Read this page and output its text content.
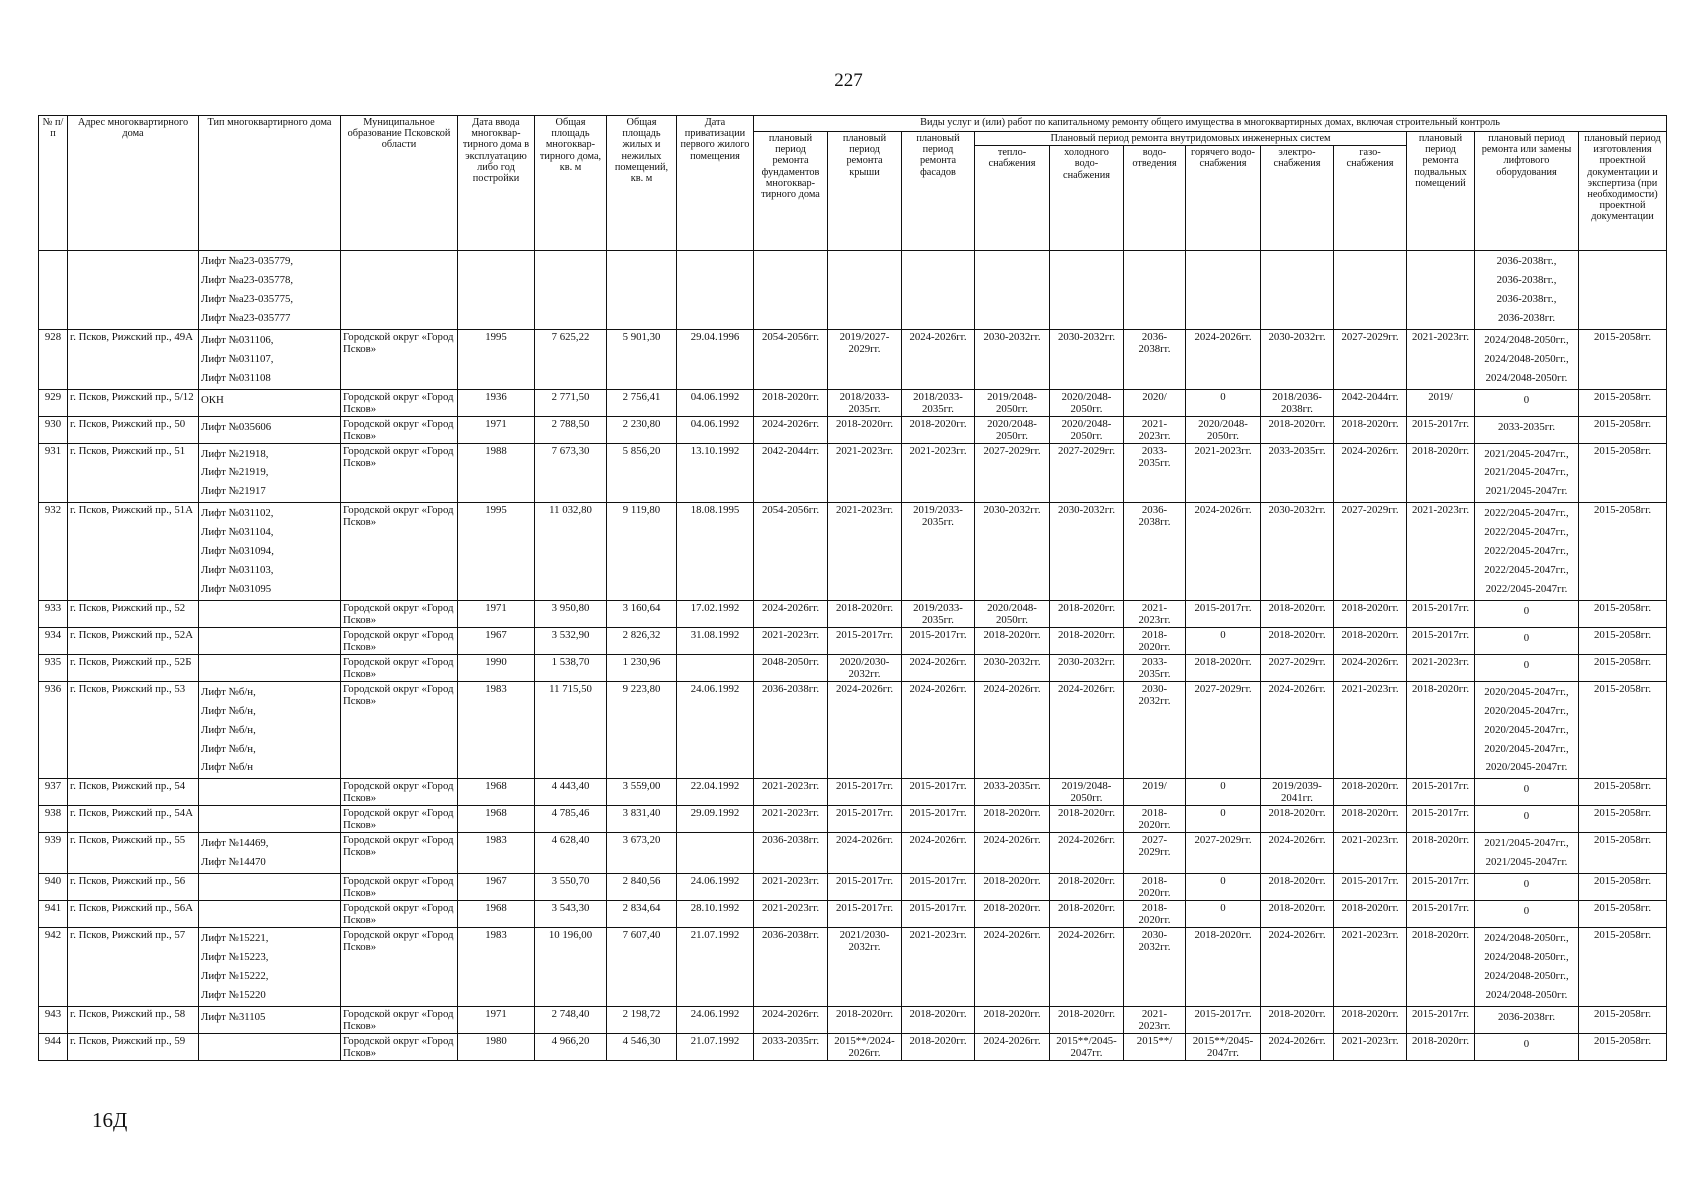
227
№ п/п	Адрес многоквартирного дома	Тип многоквартирного дома	Муниципальное образование Псковской области	Дата ввода многоквар-тирного дома в эксплуатацию либо год постройки	Общая площадь многоквар-тирного дома, кв. м	Общая площадь жилых и нежилых помещений, кв. м	Дата приватизации первого жилого помещения	Виды услуг и (или) работ по капитальному ремонту общего имущества в многоквартирных домах, включая строительный контроль											
								плановый период ремонта фундаментов многоквар-тирного дома	плановый период ремонта крыши	плановый период ремонта фасадов	Плановый период ремонта внутридомовых инженерных систем						плановый период ремонта подвальных помещений	плановый период ремонта или замены лифтового оборудования	плановый период изготовления проектной документации и экспертиза (при необходимости) проектной документации
											тепло-снабжения	холодного водо-снабжения	водо-отведения	горячего водо-снабжения	электро-снабжения	газо-снабжения			

		Лифт №а23-035779,
Лифт №а23-035778,
Лифт №а23-035775,
Лифт №а23-035777																2036-2038гг.,
2036-2038гг.,
2036-2038гг.,
2036-2038гг.	

928	г. Псков, Рижский пр., 49А	Лифт №031106,
Лифт №031107,
Лифт №031108	Городской округ «Город Псков»	1995	7 625,22	5 901,30	29.04.1996	2054-2056гг.	2019/2027-2029гг.	2024-2026гг.	2030-2032гг.	2030-2032гг.	2036-2038гг.	2024-2026гг.	2030-2032гг.	2027-2029гг.	2021-2023гг.	2024/2048-2050гг.,
2024/2048-2050гг.,
2024/2048-2050гг.	2015-2058гг.
929	г. Псков, Рижский пр., 5/12	ОКН	Городской округ «Город Псков»	1936	2 771,50	2 756,41	04.06.1992	2018-2020гг.	2018/2033-2035гг.	2018/2033-2035гг.	2019/2048-2050гг.	2020/2048-2050гг.	2020/	0	2018/2036-2038гг.	2042-2044гг.	2019/	0	2015-2058гг.
930	г. Псков, Рижский пр., 50	Лифт №035606	Городской округ «Город Псков»	1971	2 788,50	2 230,80	04.06.1992	2024-2026гг.	2018-2020гг.	2018-2020гг.	2020/2048-2050гг.	2020/2048-2050гг.	2021-2023гг.	2020/2048-2050гг.	2018-2020гг.	2018-2020гг.	2015-2017гг.	2033-2035гг.	2015-2058гг.
931	г. Псков, Рижский пр., 51	Лифт №21918,
Лифт №21919,
Лифт №21917	Городской округ «Город Псков»	1988	7 673,30	5 856,20	13.10.1992	2042-2044гг.	2021-2023гг.	2021-2023гг.	2027-2029гг.	2027-2029гг.	2033-2035гг.	2021-2023гг.	2033-2035гг.	2024-2026гг.	2018-2020гг.	2021/2045-2047гг.,
2021/2045-2047гг.,
2021/2045-2047гг.	2015-2058гг.
932	г. Псков, Рижский пр., 51А	Лифт №031102,
Лифт №031104,
Лифт №031094,
Лифт №031103,
Лифт №031095	Городской округ «Город Псков»	1995	11 032,80	9 119,80	18.08.1995	2054-2056гг.	2021-2023гг.	2019/2033-2035гг.	2030-2032гг.	2030-2032гг.	2036-2038гг.	2024-2026гг.	2030-2032гг.	2027-2029гг.	2021-2023гг.	2022/2045-2047гг.,
2022/2045-2047гг.,
2022/2045-2047гг.,
2022/2045-2047гг.,
2022/2045-2047гг.	2015-2058гг.
933	г. Псков, Рижский пр., 52		Городской округ «Город Псков»	1971	3 950,80	3 160,64	17.02.1992	2024-2026гг.	2018-2020гг.	2019/2033-2035гг.	2020/2048-2050гг.	2018-2020гг.	2021-2023гг.	2015-2017гг.	2018-2020гг.	2018-2020гг.	2015-2017гг.	0	2015-2058гг.
934	г. Псков, Рижский пр., 52А		Городской округ «Город Псков»	1967	3 532,90	2 826,32	31.08.1992	2021-2023гг.	2015-2017гг.	2015-2017гг.	2018-2020гг.	2018-2020гг.	2018-2020гг.	0	2018-2020гг.	2018-2020гг.	2015-2017гг.	0	2015-2058гг.
935	г. Псков, Рижский пр., 52Б		Городской округ «Город Псков»	1990	1 538,70	1 230,96		2048-2050гг.	2020/2030-2032гг.	2024-2026гг.	2030-2032гг.	2030-2032гг.	2033-2035гг.	2018-2020гг.	2027-2029гг.	2024-2026гг.	2021-2023гг.	0	2015-2058гг.
936	г. Псков, Рижский пр., 53	Лифт №б/н,
Лифт №б/н,
Лифт №б/н,
Лифт №б/н,
Лифт №б/н	Городской округ «Город Псков»	1983	11 715,50	9 223,80	24.06.1992	2036-2038гг.	2024-2026гг.	2024-2026гг.	2024-2026гг.	2024-2026гг.	2030-2032гг.	2027-2029гг.	2024-2026гг.	2021-2023гг.	2018-2020гг.	2020/2045-2047гг.,
2020/2045-2047гг.,
2020/2045-2047гг.,
2020/2045-2047гг.,
2020/2045-2047гг.	2015-2058гг.
937	г. Псков, Рижский пр., 54		Городской округ «Город Псков»	1968	4 443,40	3 559,00	22.04.1992	2021-2023гг.	2015-2017гг.	2015-2017гг.	2033-2035гг.	2019/2048-2050гг.	2019/	0	2019/2039-2041гг.	2018-2020гг.	2015-2017гг.	0	2015-2058гг.
938	г. Псков, Рижский пр., 54А		Городской округ «Город Псков»	1968	4 785,46	3 831,40	29.09.1992	2021-2023гг.	2015-2017гг.	2015-2017гг.	2018-2020гг.	2018-2020гг.	2018-2020гг.	0	2018-2020гг.	2018-2020гг.	2015-2017гг.	0	2015-2058гг.
939	г. Псков, Рижский пр., 55	Лифт №14469,
Лифт №14470	Городской округ «Город Псков»	1983	4 628,40	3 673,20		2036-2038гг.	2024-2026гг.	2024-2026гг.	2024-2026гг.	2024-2026гг.	2027-2029гг.	2027-2029гг.	2024-2026гг.	2021-2023гг.	2018-2020гг.	2021/2045-2047гг.,
2021/2045-2047гг.	2015-2058гг.
940	г. Псков, Рижский пр., 56		Городской округ «Город Псков»	1967	3 550,70	2 840,56	24.06.1992	2021-2023гг.	2015-2017гг.	2015-2017гг.	2018-2020гг.	2018-2020гг.	2018-2020гг.	0	2018-2020гг.	2015-2017гг.	2015-2017гг.	0	2015-2058гг.
941	г. Псков, Рижский пр., 56А		Городской округ «Город Псков»	1968	3 543,30	2 834,64	28.10.1992	2021-2023гг.	2015-2017гг.	2015-2017гг.	2018-2020гг.	2018-2020гг.	2018-2020гг.	0	2018-2020гг.	2018-2020гг.	2015-2017гг.	0	2015-2058гг.
942	г. Псков, Рижский пр., 57	Лифт №15221,
Лифт №15223,
Лифт №15222,
Лифт №15220	Городской округ «Город Псков»	1983	10 196,00	7 607,40	21.07.1992	2036-2038гг.	2021/2030-2032гг.	2021-2023гг.	2024-2026гг.	2024-2026гг.	2030-2032гг.	2018-2020гг.	2024-2026гг.	2021-2023гг.	2018-2020гг.	2024/2048-2050гг.,
2024/2048-2050гг.,
2024/2048-2050гг.,
2024/2048-2050гг.	2015-2058гг.
943	г. Псков, Рижский пр., 58	Лифт №31105	Городской округ «Город Псков»	1971	2 748,40	2 198,72	24.06.1992	2024-2026гг.	2018-2020гг.	2018-2020гг.	2018-2020гг.	2018-2020гг.	2021-2023гг.	2015-2017гг.	2018-2020гг.	2018-2020гг.	2015-2017гг.	2036-2038гг.	2015-2058гг.
944	г. Псков, Рижский пр., 59		Городской округ «Город Псков»	1980	4 966,20	4 546,30	21.07.1992	2033-2035гг.	2015**/2024-2026гг.	2018-2020гг.	2024-2026гг.	2015**/2045-2047гг.	2015**/	2015**/2045-2047гг.	2024-2026гг.	2021-2023гг.	2018-2020гг.	0	2015-2058гг.
16Д
